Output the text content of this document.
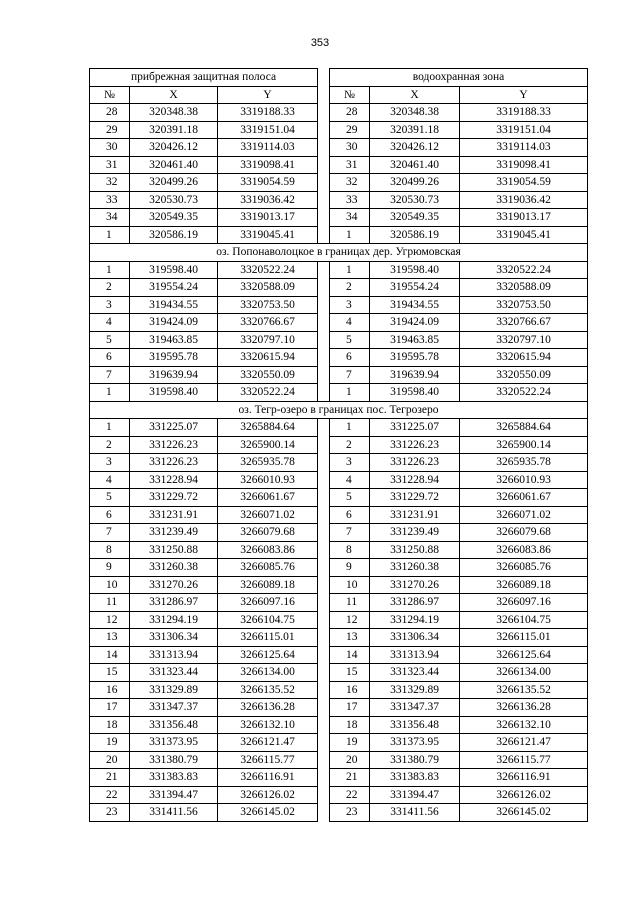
353
прибрежная защитная полоса				водоохранная зона		
№	X	Y		№	X	Y
28	320348.38	3319188.33		28	320348.38	3319188.33
29	320391.18	3319151.04		29	320391.18	3319151.04
30	320426.12	3319114.03		30	320426.12	3319114.03
31	320461.40	3319098.41		31	320461.40	3319098.41
32	320499.26	3319054.59		32	320499.26	3319054.59
33	320530.73	3319036.42		33	320530.73	3319036.42
34	320549.35	3319013.17		34	320549.35	3319013.17
1	320586.19	3319045.41		1	320586.19	3319045.41
оз. Попонаволоцкое в границах дер. Угрюмовская						
1	319598.40	3320522.24		1	319598.40	3320522.24
2	319554.24	3320588.09		2	319554.24	3320588.09
3	319434.55	3320753.50		3	319434.55	3320753.50
4	319424.09	3320766.67		4	319424.09	3320766.67
5	319463.85	3320797.10		5	319463.85	3320797.10
6	319595.78	3320615.94		6	319595.78	3320615.94
7	319639.94	3320550.09		7	319639.94	3320550.09
1	319598.40	3320522.24		1	319598.40	3320522.24
оз. Тегр-озеро в границах пос. Тегрозеро						
1	331225.07	3265884.64		1	331225.07	3265884.64
2	331226.23	3265900.14		2	331226.23	3265900.14
3	331226.23	3265935.78		3	331226.23	3265935.78
4	331228.94	3266010.93		4	331228.94	3266010.93
5	331229.72	3266061.67		5	331229.72	3266061.67
6	331231.91	3266071.02		6	331231.91	3266071.02
7	331239.49	3266079.68		7	331239.49	3266079.68
8	331250.88	3266083.86		8	331250.88	3266083.86
9	331260.38	3266085.76		9	331260.38	3266085.76
10	331270.26	3266089.18		10	331270.26	3266089.18
11	331286.97	3266097.16		11	331286.97	3266097.16
12	331294.19	3266104.75		12	331294.19	3266104.75
13	331306.34	3266115.01		13	331306.34	3266115.01
14	331313.94	3266125.64		14	331313.94	3266125.64
15	331323.44	3266134.00		15	331323.44	3266134.00
16	331329.89	3266135.52		16	331329.89	3266135.52
17	331347.37	3266136.28		17	331347.37	3266136.28
18	331356.48	3266132.10		18	331356.48	3266132.10
19	331373.95	3266121.47		19	331373.95	3266121.47
20	331380.79	3266115.77		20	331380.79	3266115.77
21	331383.83	3266116.91		21	331383.83	3266116.91
22	331394.47	3266126.02		22	331394.47	3266126.02
23	331411.56	3266145.02		23	331411.56	3266145.02
